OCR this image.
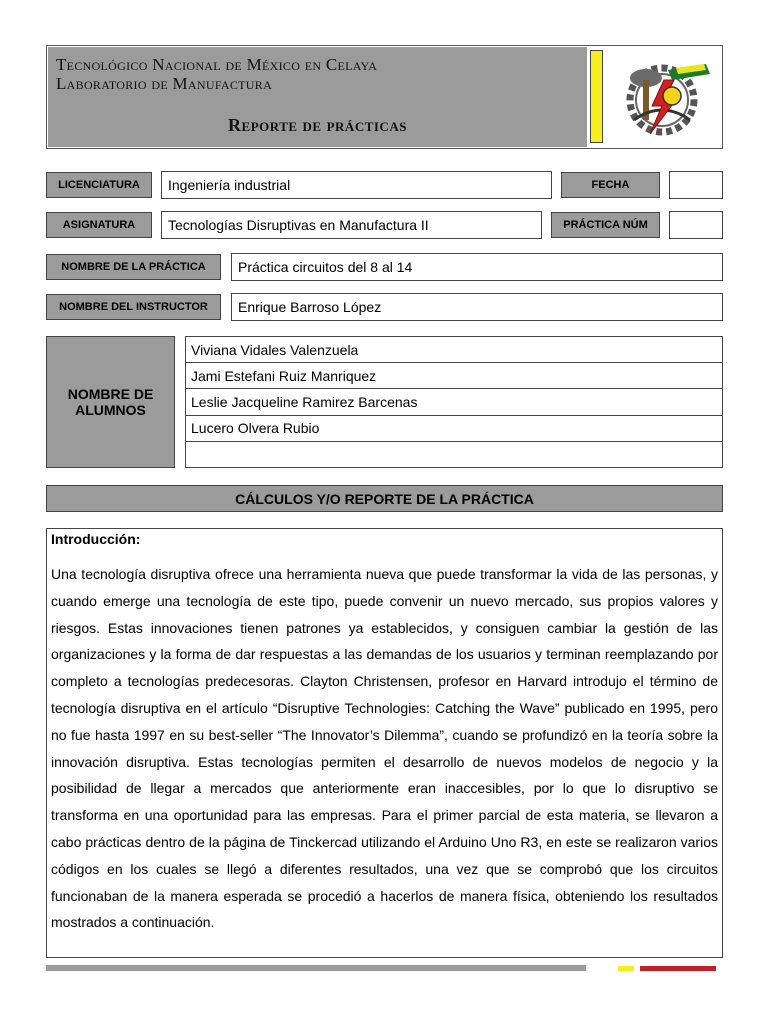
Tecnológico Nacional de México en Celaya
Laboratorio de Manufactura
Reporte de prácticas
LICENCIATURA	Ingeniería industrial	FECHA
ASIGNATURA	Tecnologías Disruptivas en Manufactura II	PRÁCTICA NÚM
NOMBRE DE LA PRÁCTICA	Práctica circuitos del 8 al 14
NOMBRE DEL INSTRUCTOR	Enrique Barroso López
NOMBRE DE ALUMNOS
Viviana Vidales Valenzuela
Jami Estefani Ruiz Manriquez
Leslie Jacqueline Ramirez Barcenas
Lucero Olvera Rubio
CÁLCULOS Y/O REPORTE DE LA PRÁCTICA

Introducción:

Una tecnología disruptiva ofrece una herramienta nueva que puede transformar la vida de las personas, y cuando emerge una tecnología de este tipo, puede convenir un nuevo mercado, sus propios valores y riesgos. Estas innovaciones tienen patrones ya establecidos, y consiguen cambiar la gestión de las organizaciones y la forma de dar respuestas a las demandas de los usuarios y terminan reemplazando por completo a tecnologías predecesoras. Clayton Christensen, profesor en Harvard introdujo el término de tecnología disruptiva en el artículo “Disruptive Technologies: Catching the Wave” publicado en 1995, pero no fue hasta 1997 en su best-seller “The Innovator’s Dilemma”, cuando se profundizó en la teoría sobre la innovación disruptiva. Estas tecnologías permiten el desarrollo de nuevos modelos de negocio y la posibilidad de llegar a mercados que anteriormente eran inaccesibles, por lo que lo disruptivo se transforma en una oportunidad para las empresas. Para el primer parcial de esta materia, se llevaron a cabo prácticas dentro de la página de Tinckercad utilizando el Arduino Uno R3, en este se realizaron varios códigos en los cuales se llegó a diferentes resultados, una vez que se comprobó que los circuitos funcionaban de la manera esperada se procedió a hacerlos de manera física, obteniendo los resultados mostrados a continuación.
